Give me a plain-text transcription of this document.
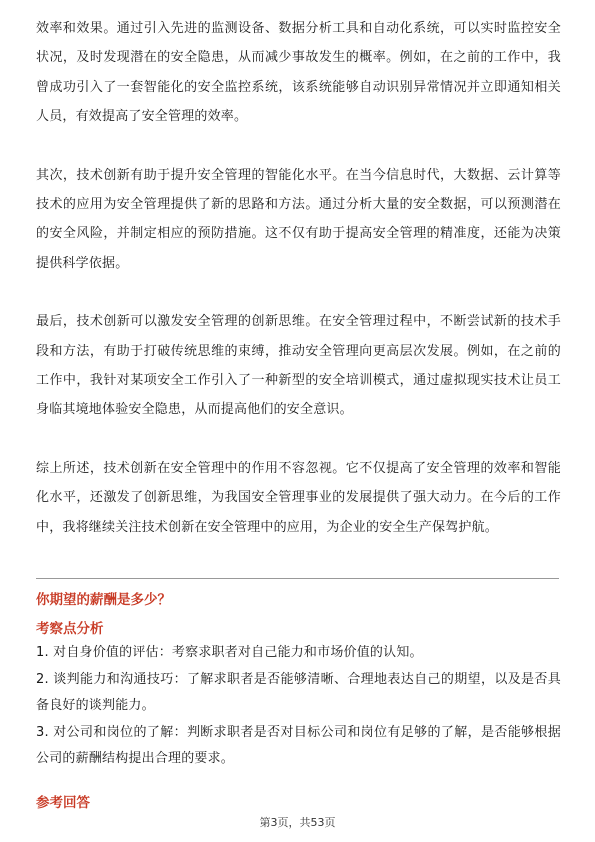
效率和效果。通过引入先进的监测设备、数据分析工具和自动化系统，可以实时监控安全状况，及时发现潜在的安全隐患，从而减少事故发生的概率。例如，在之前的工作中，我曾成功引入了一套智能化的安全监控系统，该系统能够自动识别异常情况并立即通知相关人员，有效提高了安全管理的效率。

其次，技术创新有助于提升安全管理的智能化水平。在当今信息时代，大数据、云计算等技术的应用为安全管理提供了新的思路和方法。通过分析大量的安全数据，可以预测潜在的安全风险，并制定相应的预防措施。这不仅有助于提高安全管理的精准度，还能为决策提供科学依据。

最后，技术创新可以激发安全管理的创新思维。在安全管理过程中，不断尝试新的技术手段和方法，有助于打破传统思维的束缚，推动安全管理向更高层次发展。例如，在之前的工作中，我针对某项安全工作引入了一种新型的安全培训模式，通过虚拟现实技术让员工身临其境地体验安全隐患，从而提高他们的安全意识。

综上所述，技术创新在安全管理中的作用不容忽视。它不仅提高了安全管理的效率和智能化水平，还激发了创新思维，为我国安全管理事业的发展提供了强大动力。在今后的工作中，我将继续关注技术创新在安全管理中的应用，为企业的安全生产保驾护航。

你期望的薪酬是多少？

考察点分析

1. 对自身价值的评估：考察求职者对自己能力和市场价值的认知。

2. 谈判能力和沟通技巧：了解求职者是否能够清晰、合理地表达自己的期望，以及是否具备良好的谈判能力。

3. 对公司和岗位的了解：判断求职者是否对目标公司和岗位有足够的了解，是否能够根据公司的薪酬结构提出合理的要求。

参考回答

第3页，共53页
